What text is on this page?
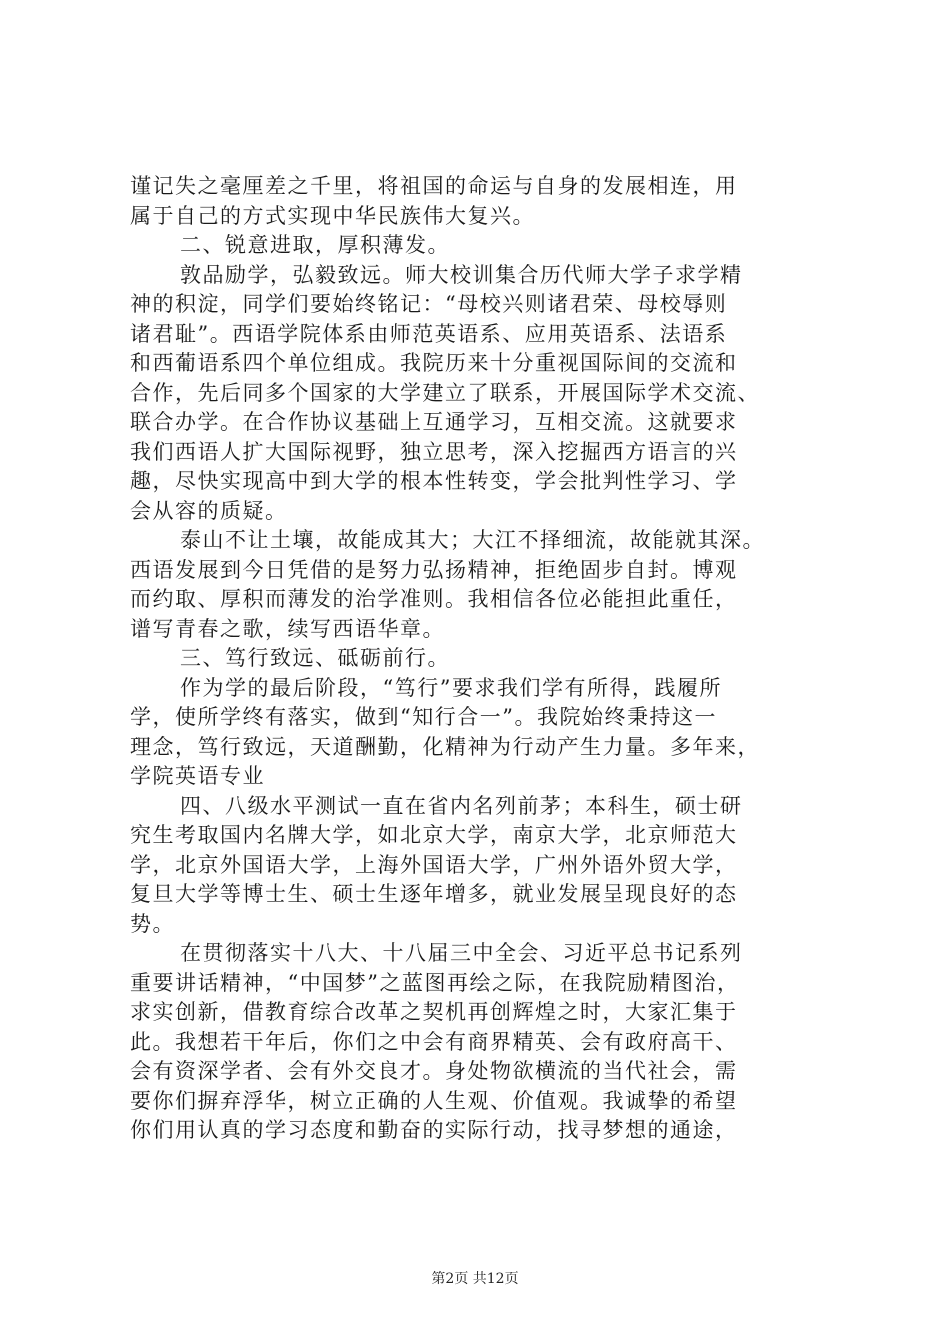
谨记失之毫厘差之千里，将祖国的命运与自身的发展相连，用
属于自己的方式实现中华民族伟大复兴。
二、锐意进取，厚积薄发。
敦品励学，弘毅致远。师大校训集合历代师大学子求学精
神的积淀，同学们要始终铭记：“母校兴则诸君荣、母校辱则
诸君耻”。西语学院体系由师范英语系、应用英语系、法语系
和西葡语系四个单位组成。我院历来十分重视国际间的交流和
合作，先后同多个国家的大学建立了联系，开展国际学术交流、
联合办学。在合作协议基础上互通学习，互相交流。这就要求
我们西语人扩大国际视野，独立思考，深入挖掘西方语言的兴
趣，尽快实现高中到大学的根本性转变，学会批判性学习、学
会从容的质疑。
泰山不让土壤，故能成其大；大江不择细流，故能就其深。
西语发展到今日凭借的是努力弘扬精神，拒绝固步自封。博观
而约取、厚积而薄发的治学准则。我相信各位必能担此重任，
谱写青春之歌，续写西语华章。
三、笃行致远、砥砺前行。
作为学的最后阶段，“笃行”要求我们学有所得，践履所
学，使所学终有落实，做到“知行合一”。我院始终秉持这一
理念，笃行致远，天道酬勤，化精神为行动产生力量。多年来，
学院英语专业
四、八级水平测试一直在省内名列前茅；本科生，硕士研
究生考取国内名牌大学，如北京大学，南京大学，北京师范大
学，北京外国语大学，上海外国语大学，广州外语外贸大学，
复旦大学等博士生、硕士生逐年增多，就业发展呈现良好的态
势。
在贯彻落实十八大、十八届三中全会、习近平总书记系列
重要讲话精神，“中国梦”之蓝图再绘之际，在我院励精图治，
求实创新，借教育综合改革之契机再创辉煌之时，大家汇集于
此。我想若干年后，你们之中会有商界精英、会有政府高干、
会有资深学者、会有外交良才。身处物欲横流的当代社会，需
要你们摒弃浮华，树立正确的人生观、价值观。我诚挚的希望
你们用认真的学习态度和勤奋的实际行动，找寻梦想的通途，
第2页 共12页
